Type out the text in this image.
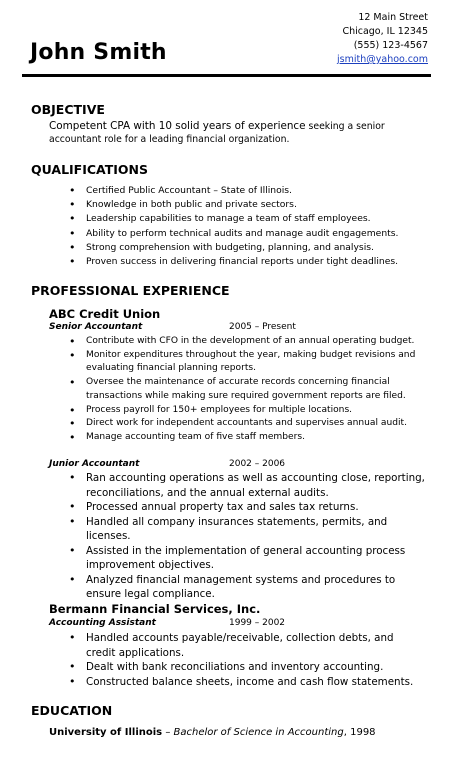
John Smith
12 Main Street
Chicago, IL 12345
(555) 123-4567
jsmith@yahoo.com
OBJECTIVE
Competent CPA with 10 solid years of experience seeking a senior accountant role for a leading financial organization.
QUALIFICATIONS
• Certified Public Accountant – State of Illinois.
• Knowledge in both public and private sectors.
• Leadership capabilities to manage a team of staff employees.
• Ability to perform technical audits and manage audit engagements.
• Strong comprehension with budgeting, planning, and analysis.
• Proven success in delivering financial reports under tight deadlines.
PROFESSIONAL EXPERIENCE
ABC Credit Union
Senior Accountant	2005 – Present
• Contribute with CFO in the development of an annual operating budget.
• Monitor expenditures throughout the year, making budget revisions and evaluating financial planning reports.
• Oversee the maintenance of accurate records concerning financial transactions while making sure required government reports are filed.
• Process payroll for 150+ employees for multiple locations.
• Direct work for independent accountants and supervises annual audit.
• Manage accounting team of five staff members.
Junior Accountant	2002 – 2006
• Ran accounting operations as well as accounting close, reporting, reconciliations, and the annual external audits.
• Processed annual property tax and sales tax returns.
• Handled all company insurances statements, permits, and licenses.
• Assisted in the implementation of general accounting process improvement objectives.
• Analyzed financial management systems and procedures to ensure legal compliance.
Bermann Financial Services, Inc.
Accounting Assistant	1999 – 2002
• Handled accounts payable/receivable, collection debts, and credit applications.
• Dealt with bank reconciliations and inventory accounting.
• Constructed balance sheets, income and cash flow statements.
EDUCATION
University of Illinois – Bachelor of Science in Accounting, 1998
